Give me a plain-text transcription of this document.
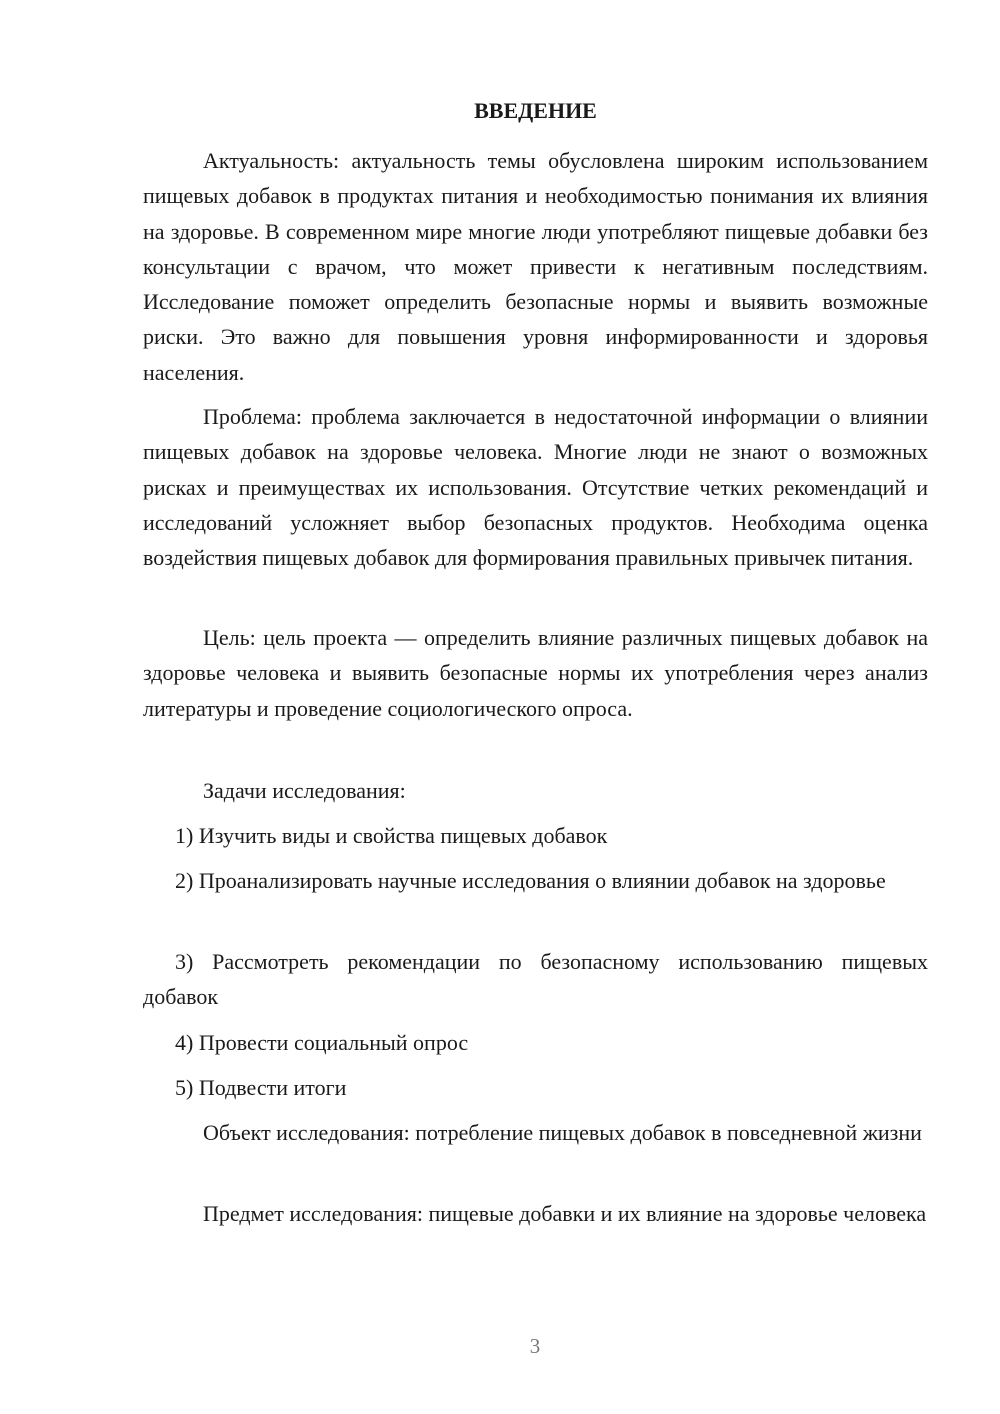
ВВЕДЕНИЕ

Актуальность: актуальность темы обусловлена широким использованием пищевых добавок в продуктах питания и необходимостью понимания их влияния на здоровье. В современном мире многие люди употребляют пищевые добавки без консультации с врачом, что может привести к негативным последствиям. Исследование поможет определить безопасные нормы и выявить возможные риски. Это важно для повышения уровня информированности и здоровья населения.

Проблема: проблема заключается в недостаточной информации о влиянии пищевых добавок на здоровье человека. Многие люди не знают о возможных рисках и преимуществах их использования. Отсутствие четких рекомендаций и исследований усложняет выбор безопасных продуктов. Необходима оценка воздействия пищевых добавок для формирования правильных привычек питания.

Цель: цель проекта — определить влияние различных пищевых добавок на здоровье человека и выявить безопасные нормы их употребления через анализ литературы и проведение социологического опроса.

Задачи исследования:

1) Изучить виды и свойства пищевых добавок

2) Проанализировать научные исследования о влиянии добавок на здоровье

3) Рассмотреть рекомендации по безопасному использованию пищевых добавок

4) Провести социальный опрос

5) Подвести итоги

Объект исследования: потребление пищевых добавок в повседневной жизни

Предмет исследования: пищевые добавки и их влияние на здоровье человека

3
